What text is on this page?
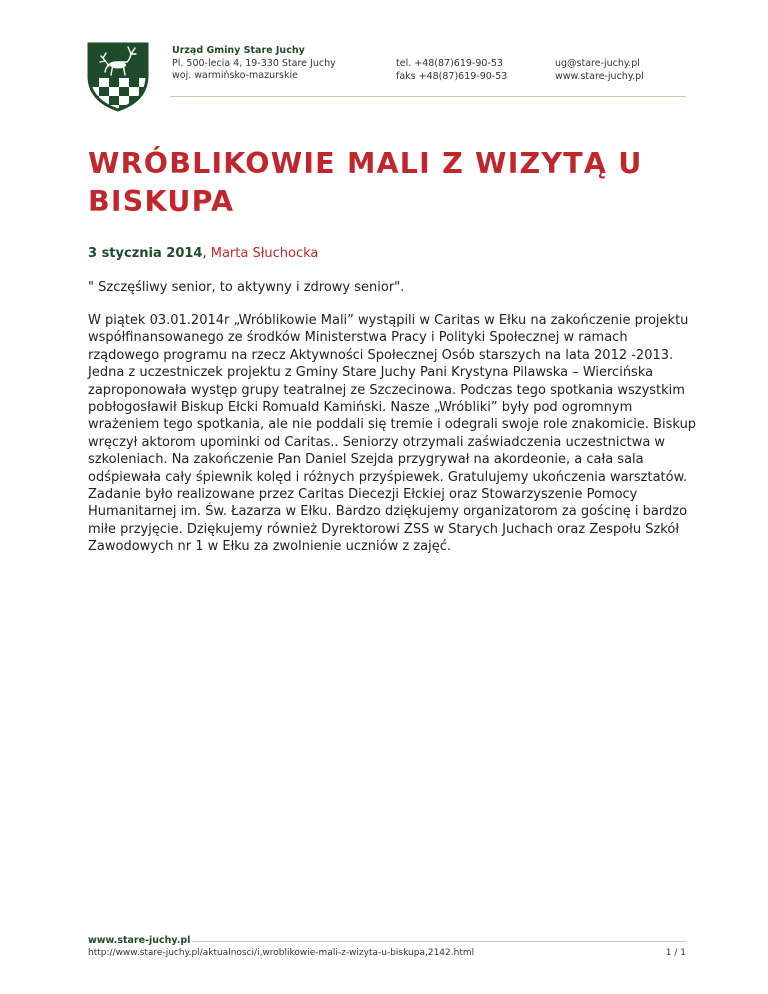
Urząd Gminy Stare Juchy
Pl. 500-lecia 4, 19-330 Stare Juchy
woj. warmińsko-mazurskie
tel. +48(87)619-90-53
faks +48(87)619-90-53
ug@stare-juchy.pl
www.stare-juchy.pl
WRÓBLIKOWIE MALI Z WIZYTĄ U BISKUPA
3 stycznia 2014, Marta Słuchocka

" Szczęśliwy senior, to aktywny i zdrowy senior".

W piątek 03.01.2014r „Wróblikowie Mali” wystąpili w Caritas w Ełku na zakończenie projektu współfinansowanego ze środków Ministerstwa Pracy i Polityki Społecznej w ramach rządowego programu na rzecz Aktywności Społecznej Osób starszych na lata 2012 -2013. Jedna z uczestniczek projektu z Gminy Stare Juchy Pani Krystyna Pilawska – Wiercińska zaproponowała występ grupy teatralnej ze Szczecinowa. Podczas tego spotkania wszystkim pobłogosławił Biskup Ełcki Romuald Kamiński. Nasze „Wróbliki” były pod ogromnym wrażeniem tego spotkania, ale nie poddali się tremie i odegrali swoje role znakomicie. Biskup wręczył aktorom upominki od Caritas.. Seniorzy otrzymali zaświadczenia uczestnictwa w szkoleniach. Na zakończenie Pan Daniel Szejda przygrywał na akordeonie, a cała sala odśpiewała cały śpiewnik kolęd i różnych przyśpiewek. Gratulujemy ukończenia warsztatów. Zadanie było realizowane przez Caritas Diecezji Ełckiej oraz Stowarzyszenie Pomocy Humanitarnej im. Św. Łazarza w Ełku. Bardzo dziękujemy organizatorom za gościnę i bardzo miłe przyjęcie. Dziękujemy również Dyrektorowi ZSS w Starych Juchach oraz Zespołu Szkół Zawodowych nr 1 w Ełku za zwolnienie uczniów z zajęć.

www.stare-juchy.pl
http://www.stare-juchy.pl/aktualnosci/i,wroblikowie-mali-z-wizyta-u-biskupa,2142.html	1 / 1
